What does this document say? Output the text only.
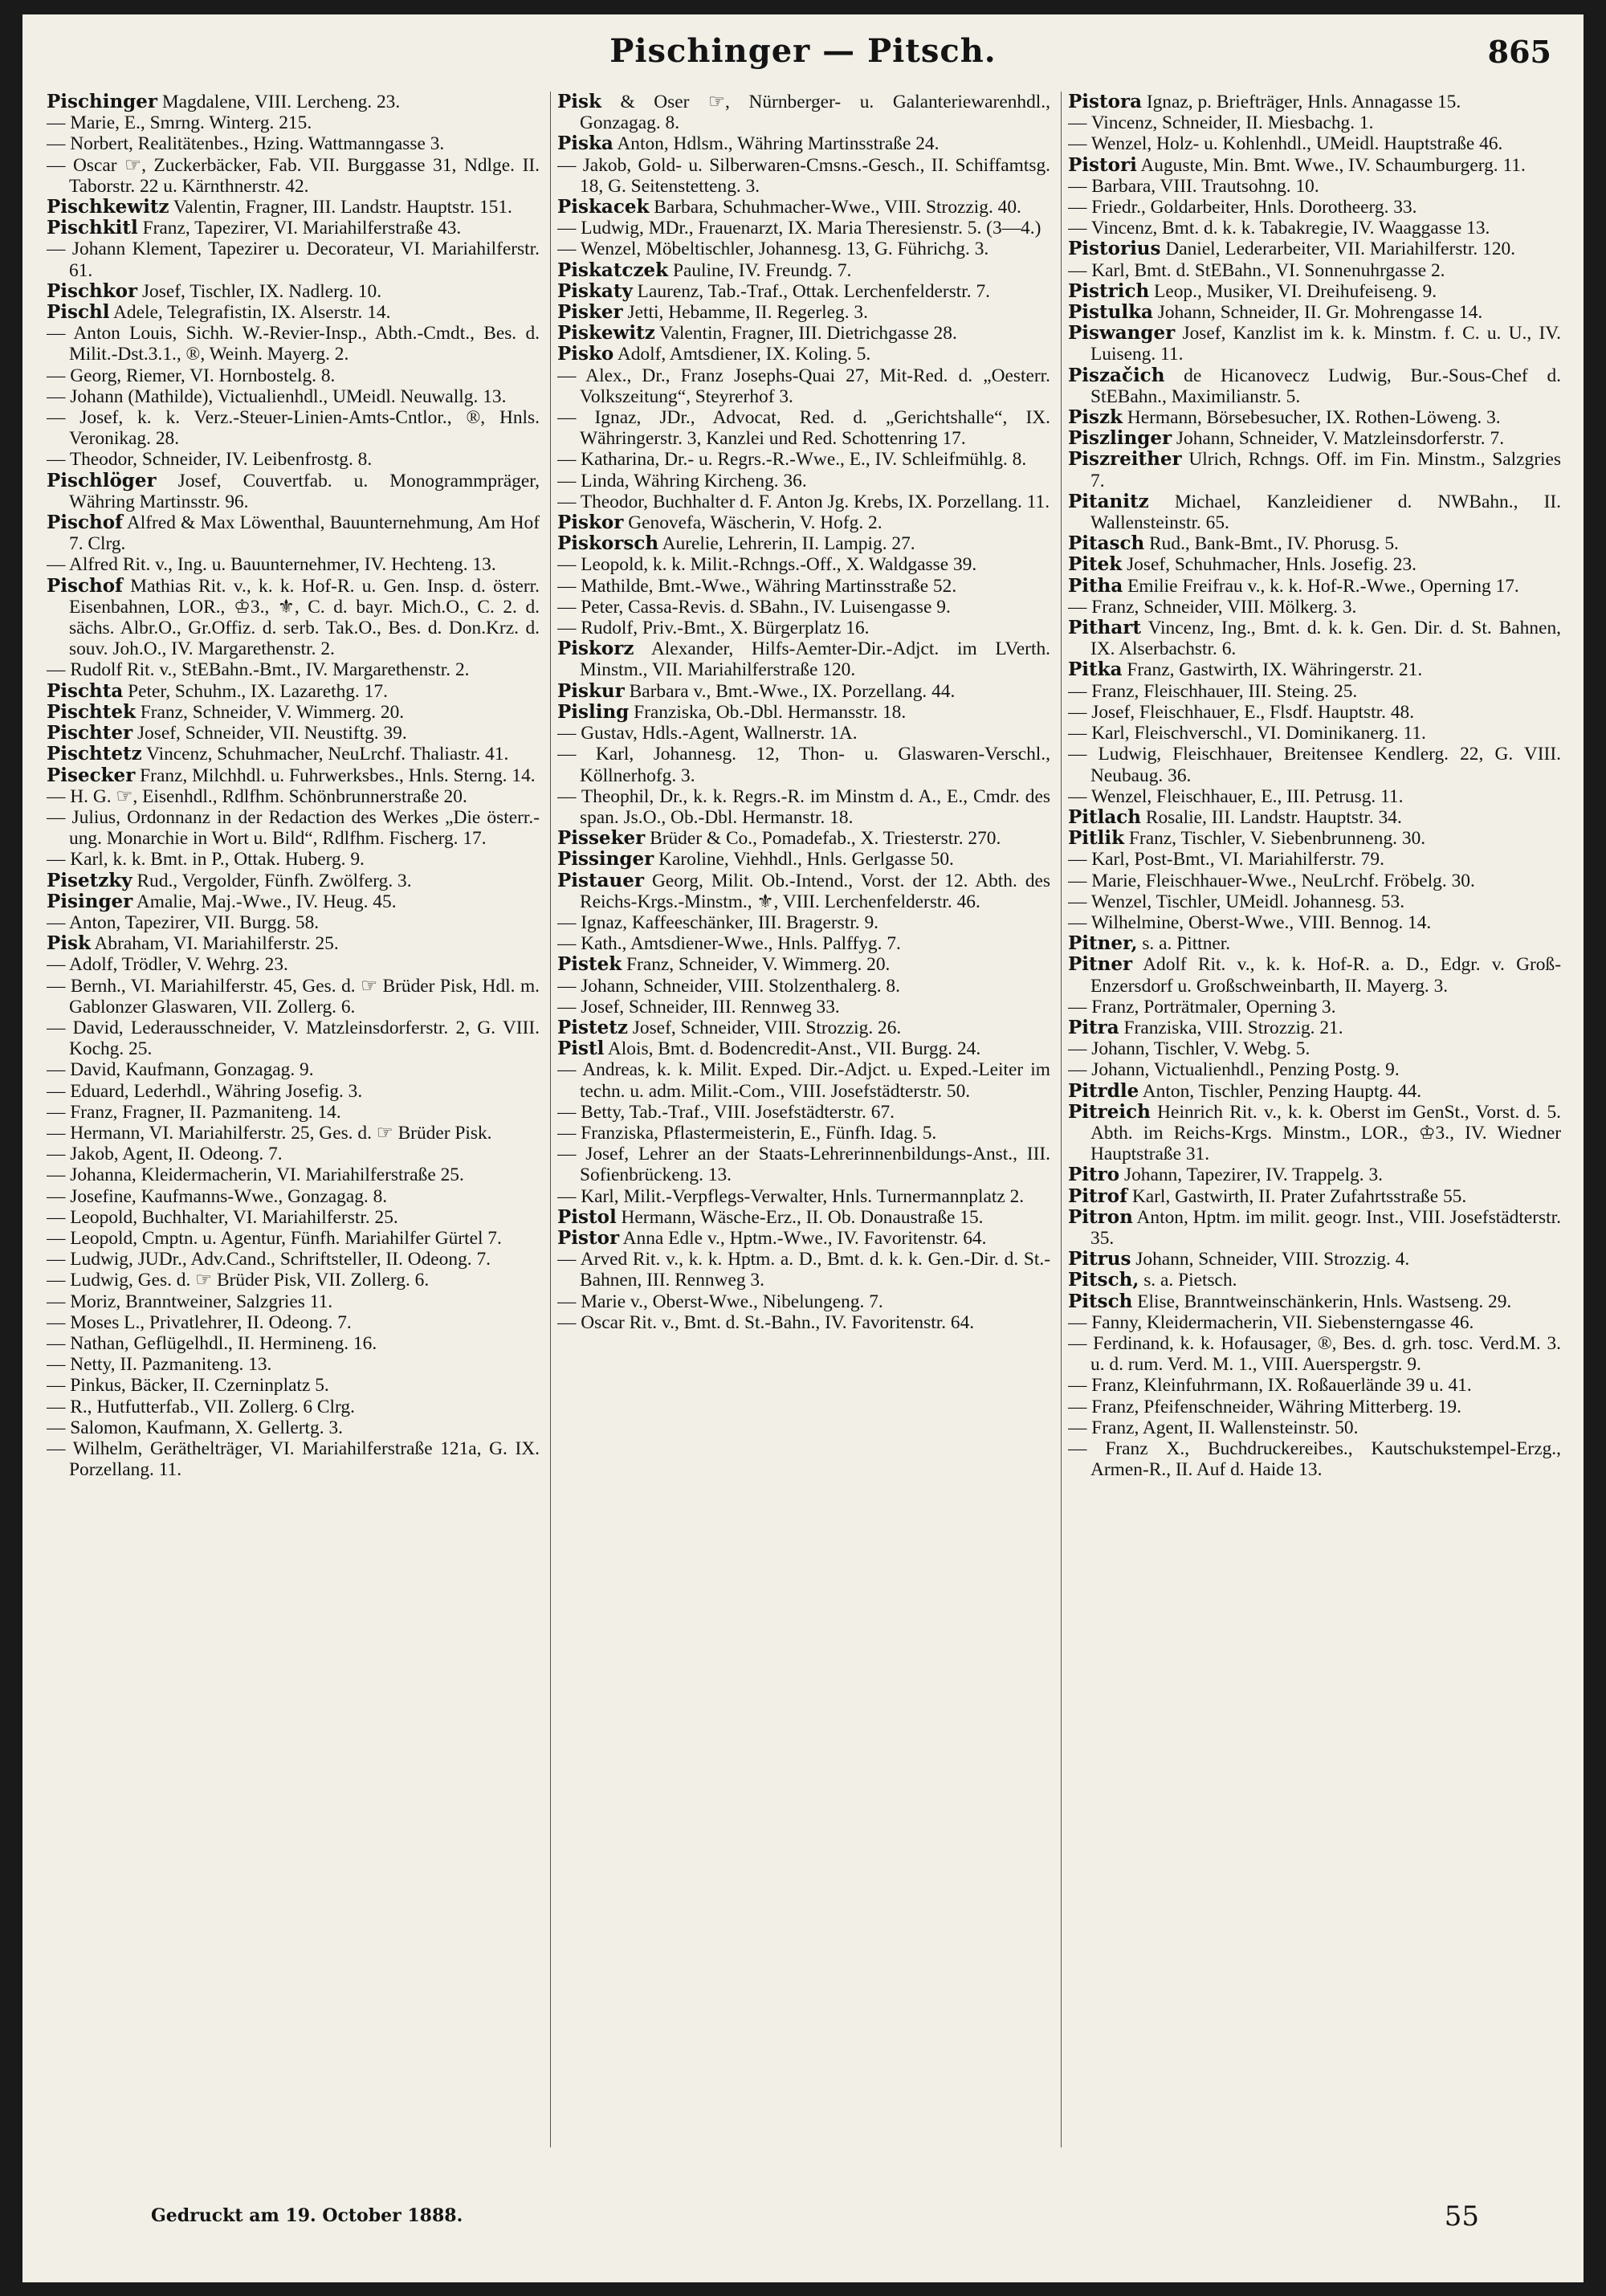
Pischinger — Pitsch.	865

Pischinger Magdalene, VIII. Lercheng. 23.

— Marie, E., Smrng. Winterg. 215.

— Norbert, Realitätenbes., Hzing. Wattmanngasse 3.

— Oscar ☞, Zuckerbäcker, Fab. VII. Burggasse 31, Ndlge. II. Taborstr. 22 u. Kärnthnerstr. 42.

Pischkewitz Valentin, Fragner, III. Landstr. Hauptstr. 151.

Pischkitl Franz, Tapezirer, VI. Mariahilferstraße 43.

— Johann Klement, Tapezirer u. Decorateur, VI. Mariahilferstr. 61.

Pischkor Josef, Tischler, IX. Nadlerg. 10.

Pischl Adele, Telegrafistin, IX. Alserstr. 14.

— Anton Louis, Sichh. W.-Revier-Insp., Abth.-Cmdt., Bes. d. Milit.-Dst.3.1., ®, Weinh. Mayerg. 2.

— Georg, Riemer, VI. Hornbostelg. 8.

— Johann (Mathilde), Victualienhdl., UMeidl. Neuwallg. 13.

— Josef, k. k. Verz.-Steuer-Linien-Amts-Cntlor., ®, Hnls. Veronikag. 28.

— Theodor, Schneider, IV. Leibenfrostg. 8.

Pischlöger Josef, Couvertfab. u. Monogrammpräger, Währing Martinsstr. 96.

Pischof Alfred & Max Löwenthal, Bauunternehmung, Am Hof 7. Clrg.

— Alfred Rit. v., Ing. u. Bauunternehmer, IV. Hechteng. 13.

Pischof Mathias Rit. v., k. k. Hof-R. u. Gen. Insp. d. österr. Eisenbahnen, LOR., ♔3., ⚜, C. d. bayr. Mich.O., C. 2. d. sächs. Albr.O., Gr.Offiz. d. serb. Tak.O., Bes. d. Don.Krz. d. souv. Joh.O., IV. Margarethenstr. 2.

— Rudolf Rit. v., StEBahn.-Bmt., IV. Margarethenstr. 2.

Pischta Peter, Schuhm., IX. Lazarethg. 17.

Pischtek Franz, Schneider, V. Wimmerg. 20.

Pischter Josef, Schneider, VII. Neustiftg. 39.

Pischtetz Vincenz, Schuhmacher, NeuLrchf. Thaliastr. 41.

Pisecker Franz, Milchhdl. u. Fuhrwerksbes., Hnls. Sterng. 14.

— H. G. ☞, Eisenhdl., Rdlfhm. Schönbrunnerstraße 20.

— Julius, Ordonnanz in der Redaction des Werkes „Die österr.-ung. Monarchie in Wort u. Bild“, Rdlfhm. Fischerg. 17.

— Karl, k. k. Bmt. in P., Ottak. Huberg. 9.

Pisetzky Rud., Vergolder, Fünfh. Zwölferg. 3.

Pisinger Amalie, Maj.-Wwe., IV. Heug. 45.

— Anton, Tapezirer, VII. Burgg. 58.

Pisk Abraham, VI. Mariahilferstr. 25.

— Adolf, Trödler, V. Wehrg. 23.

— Bernh., VI. Mariahilferstr. 45, Ges. d. ☞ Brüder Pisk, Hdl. m. Gablonzer Glaswaren, VII. Zollerg. 6.

— David, Lederausschneider, V. Matzleinsdorferstr. 2, G. VIII. Kochg. 25.

— David, Kaufmann, Gonzagag. 9.

— Eduard, Lederhdl., Währing Josefig. 3.

— Franz, Fragner, II. Pazmaniteng. 14.

— Hermann, VI. Mariahilferstr. 25, Ges. d. ☞ Brüder Pisk.

— Jakob, Agent, II. Odeong. 7.

— Johanna, Kleidermacherin, VI. Mariahilferstraße 25.

— Josefine, Kaufmanns-Wwe., Gonzagag. 8.

— Leopold, Buchhalter, VI. Mariahilferstr. 25.

— Leopold, Cmptn. u. Agentur, Fünfh. Mariahilfer Gürtel 7.

— Ludwig, JUDr., Adv.Cand., Schriftsteller, II. Odeong. 7.

— Ludwig, Ges. d. ☞ Brüder Pisk, VII. Zollerg. 6.

— Moriz, Branntweiner, Salzgries 11.

— Moses L., Privatlehrer, II. Odeong. 7.

— Nathan, Geflügelhdl., II. Hermineng. 16.

— Netty, II. Pazmaniteng. 13.

— Pinkus, Bäcker, II. Czerninplatz 5.

— R., Hutfutterfab., VII. Zollerg. 6 Clrg.

— Salomon, Kaufmann, X. Gellertg. 3.

— Wilhelm, Geräthelträger, VI. Mariahilferstraße 121a, G. IX. Porzellang. 11.

Pisk & Oser ☞, Nürnberger- u. Galanteriewarenhdl., Gonzagag. 8.

Piska Anton, Hdlsm., Währing Martinsstraße 24.

— Jakob, Gold- u. Silberwaren-Cmsns.-Gesch., II. Schiffamtsg. 18, G. Seitenstetteng. 3.

Piskacek Barbara, Schuhmacher-Wwe., VIII. Strozzig. 40.

— Ludwig, MDr., Frauenarzt, IX. Maria Theresienstr. 5. (3—4.)

— Wenzel, Möbeltischler, Johannesg. 13, G. Führichg. 3.

Piskatczek Pauline, IV. Freundg. 7.

Piskaty Laurenz, Tab.-Traf., Ottak. Lerchenfelderstr. 7.

Pisker Jetti, Hebamme, II. Regerleg. 3.

Piskewitz Valentin, Fragner, III. Dietrichgasse 28.

Pisko Adolf, Amtsdiener, IX. Koling. 5.

— Alex., Dr., Franz Josephs-Quai 27, Mit-Red. d. „Oesterr. Volkszeitung“, Steyrerhof 3.

— Ignaz, JDr., Advocat, Red. d. „Gerichtshalle“, IX. Währingerstr. 3, Kanzlei und Red. Schottenring 17.

— Katharina, Dr.- u. Regrs.-R.-Wwe., E., IV. Schleifmühlg. 8.

— Linda, Währing Kircheng. 36.

— Theodor, Buchhalter d. F. Anton Jg. Krebs, IX. Porzellang. 11.

Piskor Genovefa, Wäscherin, V. Hofg. 2.

Piskorsch Aurelie, Lehrerin, II. Lampig. 27.

— Leopold, k. k. Milit.-Rchngs.-Off., X. Waldgasse 39.

— Mathilde, Bmt.-Wwe., Währing Martinsstraße 52.

— Peter, Cassa-Revis. d. SBahn., IV. Luisengasse 9.

— Rudolf, Priv.-Bmt., X. Bürgerplatz 16.

Piskorz Alexander, Hilfs-Aemter-Dir.-Adjct. im LVerth. Minstm., VII. Mariahilferstraße 120.

Piskur Barbara v., Bmt.-Wwe., IX. Porzellang. 44.

Pisling Franziska, Ob.-Dbl. Hermansstr. 18.

— Gustav, Hdls.-Agent, Wallnerstr. 1A.

— Karl, Johannesg. 12, Thon- u. Glaswaren-Verschl., Köllnerhofg. 3.

— Theophil, Dr., k. k. Regrs.-R. im Minstm d. A., E., Cmdr. des span. Js.O., Ob.-Dbl. Hermanstr. 18.

Pisseker Brüder & Co., Pomadefab., X. Triesterstr. 270.

Pissinger Karoline, Viehhdl., Hnls. Gerlgasse 50.

Pistauer Georg, Milit. Ob.-Intend., Vorst. der 12. Abth. des Reichs-Krgs.-Minstm., ⚜, VIII. Lerchenfelderstr. 46.

— Ignaz, Kaffeeschänker, III. Bragerstr. 9.

— Kath., Amtsdiener-Wwe., Hnls. Palffyg. 7.

Pistek Franz, Schneider, V. Wimmerg. 20.

— Johann, Schneider, VIII. Stolzenthalerg. 8.

— Josef, Schneider, III. Rennweg 33.

Pistetz Josef, Schneider, VIII. Strozzig. 26.

Pistl Alois, Bmt. d. Bodencredit-Anst., VII. Burgg. 24.

— Andreas, k. k. Milit. Exped. Dir.-Adjct. u. Exped.-Leiter im techn. u. adm. Milit.-Com., VIII. Josefstädterstr. 50.

— Betty, Tab.-Traf., VIII. Josefstädterstr. 67.

— Franziska, Pflastermeisterin, E., Fünfh. Idag. 5.

— Josef, Lehrer an der Staats-Lehrerinnenbildungs-Anst., III. Sofienbrückeng. 13.

— Karl, Milit.-Verpflegs-Verwalter, Hnls. Turnermannplatz 2.

Pistol Hermann, Wäsche-Erz., II. Ob. Donaustraße 15.

Pistor Anna Edle v., Hptm.-Wwe., IV. Favoritenstr. 64.

— Arved Rit. v., k. k. Hptm. a. D., Bmt. d. k. k. Gen.-Dir. d. St.-Bahnen, III. Rennweg 3.

— Marie v., Oberst-Wwe., Nibelungeng. 7.

— Oscar Rit. v., Bmt. d. St.-Bahn., IV. Favoritenstr. 64.

Pistora Ignaz, p. Briefträger, Hnls. Annagasse 15.

— Vincenz, Schneider, II. Miesbachg. 1.

— Wenzel, Holz- u. Kohlenhdl., UMeidl. Hauptstraße 46.

Pistori Auguste, Min. Bmt. Wwe., IV. Schaumburgerg. 11.

— Barbara, VIII. Trautsohng. 10.

— Friedr., Goldarbeiter, Hnls. Dorotheerg. 33.

— Vincenz, Bmt. d. k. k. Tabakregie, IV. Waaggasse 13.

Pistorius Daniel, Lederarbeiter, VII. Mariahilferstr. 120.

— Karl, Bmt. d. StEBahn., VI. Sonnenuhrgasse 2.

Pistrich Leop., Musiker, VI. Dreihufeiseng. 9.

Pistulka Johann, Schneider, II. Gr. Mohrengasse 14.

Piswanger Josef, Kanzlist im k. k. Minstm. f. C. u. U., IV. Luiseng. 11.

Piszačich de Hicanovecz Ludwig, Bur.-Sous-Chef d. StEBahn., Maximilianstr. 5.

Piszk Hermann, Börsebesucher, IX. Rothen-Löweng. 3.

Piszlinger Johann, Schneider, V. Matzleinsdorferstr. 7.

Piszreither Ulrich, Rchngs. Off. im Fin. Minstm., Salzgries 7.

Pitanitz Michael, Kanzleidiener d. NWBahn., II. Wallensteinstr. 65.

Pitasch Rud., Bank-Bmt., IV. Phorusg. 5.

Pitek Josef, Schuhmacher, Hnls. Josefig. 23.

Pitha Emilie Freifrau v., k. k. Hof-R.-Wwe., Operning 17.

— Franz, Schneider, VIII. Mölkerg. 3.

Pithart Vincenz, Ing., Bmt. d. k. k. Gen. Dir. d. St. Bahnen, IX. Alserbachstr. 6.

Pitka Franz, Gastwirth, IX. Währingerstr. 21.

— Franz, Fleischhauer, III. Steing. 25.

— Josef, Fleischhauer, E., Flsdf. Hauptstr. 48.

— Karl, Fleischverschl., VI. Dominikanerg. 11.

— Ludwig, Fleischhauer, Breitensee Kendlerg. 22, G. VIII. Neubaug. 36.

— Wenzel, Fleischhauer, E., III. Petrusg. 11.

Pitlach Rosalie, III. Landstr. Hauptstr. 34.

Pitlik Franz, Tischler, V. Siebenbrunneng. 30.

— Karl, Post-Bmt., VI. Mariahilferstr. 79.

— Marie, Fleischhauer-Wwe., NeuLrchf. Fröbelg. 30.

— Wenzel, Tischler, UMeidl. Johannesg. 53.

— Wilhelmine, Oberst-Wwe., VIII. Bennog. 14.

Pitner, s. a. Pittner.

Pitner Adolf Rit. v., k. k. Hof-R. a. D., Edgr. v. Groß-Enzersdorf u. Großschweinbarth, II. Mayerg. 3.

— Franz, Porträtmaler, Operning 3.

Pitra Franziska, VIII. Strozzig. 21.

— Johann, Tischler, V. Webg. 5.

— Johann, Victualienhdl., Penzing Postg. 9.

Pitrdle Anton, Tischler, Penzing Hauptg. 44.

Pitreich Heinrich Rit. v., k. k. Oberst im GenSt., Vorst. d. 5. Abth. im Reichs-Krgs. Minstm., LOR., ♔3., IV. Wiedner Hauptstraße 31.

Pitro Johann, Tapezirer, IV. Trappelg. 3.

Pitrof Karl, Gastwirth, II. Prater Zufahrtsstraße 55.

Pitron Anton, Hptm. im milit. geogr. Inst., VIII. Josefstädterstr. 35.

Pitrus Johann, Schneider, VIII. Strozzig. 4.

Pitsch, s. a. Pietsch.

Pitsch Elise, Branntweinschänkerin, Hnls. Wastseng. 29.

— Fanny, Kleidermacherin, VII. Siebensterngasse 46.

— Ferdinand, k. k. Hofausager, ®, Bes. d. grh. tosc. Verd.M. 3. u. d. rum. Verd. M. 1., VIII. Auerspergstr. 9.

— Franz, Kleinfuhrmann, IX. Roßauerlände 39 u. 41.

— Franz, Pfeifenschneider, Währing Mitterberg. 19.

— Franz, Agent, II. Wallensteinstr. 50.

— Franz X., Buchdruckereibes., Kautschukstempel-Erzg., Armen-R., II. Auf d. Haide 13.

Gedruckt am 19. October 1888.	55
